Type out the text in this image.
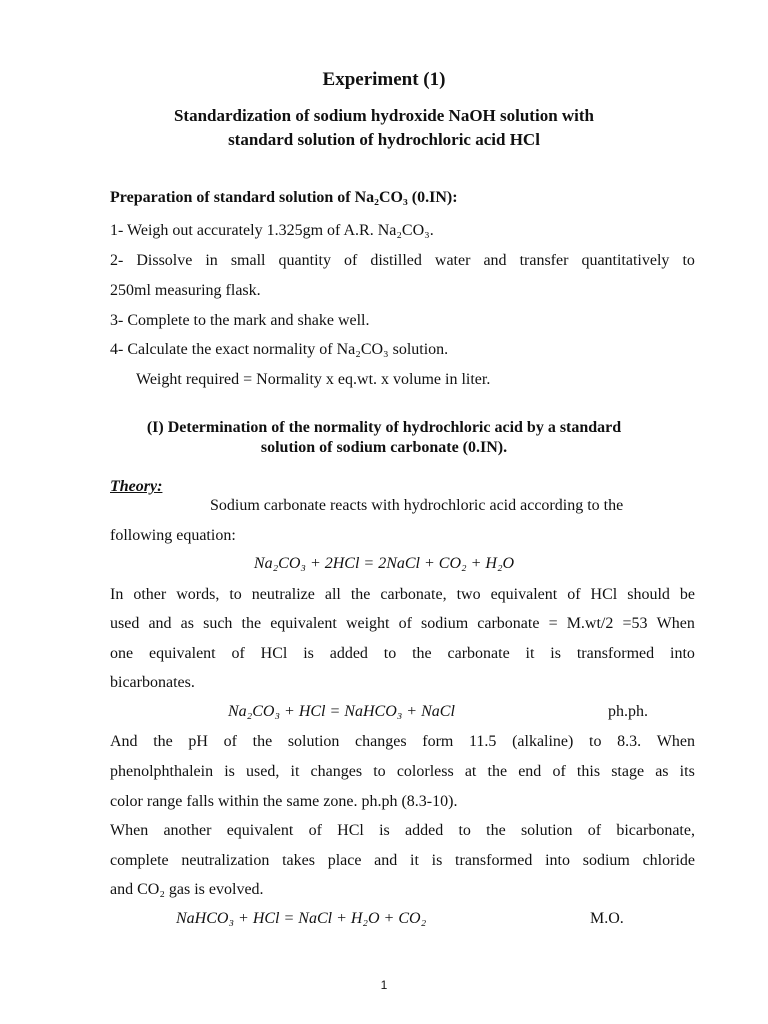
Experiment (1)
Standardization of sodium hydroxide NaOH solution with
standard solution of hydrochloric acid HCl
Preparation of standard solution of Na₂CO₃ (0.IN):
1- Weigh out accurately 1.325gm of A.R. Na₂CO₃.
2- Dissolve in small quantity of distilled water and transfer quantitatively to
250ml measuring flask.
3- Complete to the mark and shake well.
4- Calculate the exact normality of Na₂CO₃ solution.
Weight required = Normality x eq.wt. x volume in liter.
(I) Determination of the normality of hydrochloric acid by a standard
solution of sodium carbonate (0.IN).
Theory:
Sodium carbonate reacts with hydrochloric acid according to the
following equation:
Na₂CO₃ + 2HCl = 2NaCl + CO₂ + H₂O
In other words, to neutralize all the carbonate, two equivalent of HCl should be
used and as such the equivalent weight of sodium carbonate = M.wt/2 =53 When
one equivalent of HCl is added to the carbonate it is transformed into
bicarbonates.
Na₂CO₃ + HCl = NaHCO₃ + NaCl	ph.ph.
And the pH of the solution changes form 11.5 (alkaline) to 8.3. When
phenolphthalein is used, it changes to colorless at the end of this stage as its
color range falls within the same zone. ph.ph (8.3-10).
When another equivalent of HCl is added to the solution of bicarbonate,
complete neutralization takes place and it is transformed into sodium chloride
and CO₂ gas is evolved.
NaHCO₃ + HCl = NaCl + H₂O + CO₂	M.O.
1
